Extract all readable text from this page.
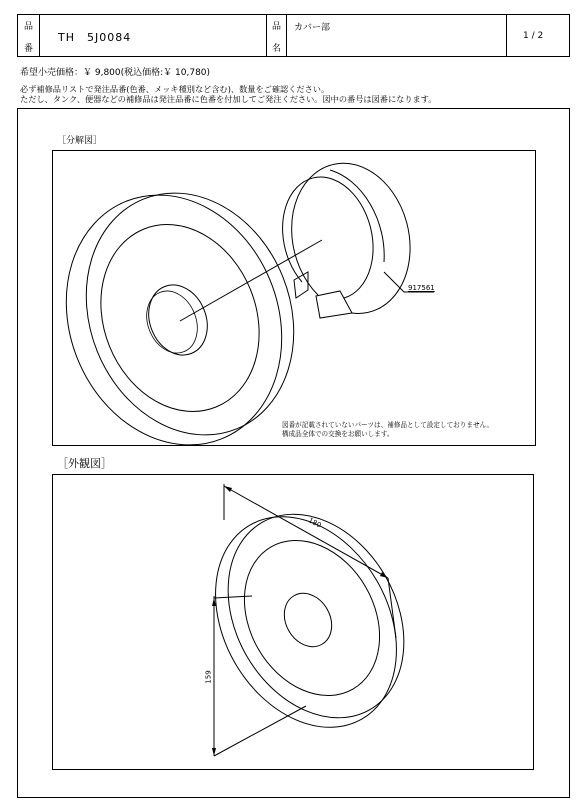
品
番
TH　5J0084
品
名
カバー部
1 / 2
希望小売価格：￥ 9,800(税込価格:￥ 10,780)
必ず補修品リストで発注品番(色番、メッキ種別など含む)、数量をご確認ください。
ただし、タンク、便器などの補修品は発注品番に色番を付加してご発注ください。図中の番号は図番になります。
［分解図］
917561
図番が記載されていないパーツは、補修品として設定しておりません。
構成品全体での交換をお願いします。
［外観図］
180
159
